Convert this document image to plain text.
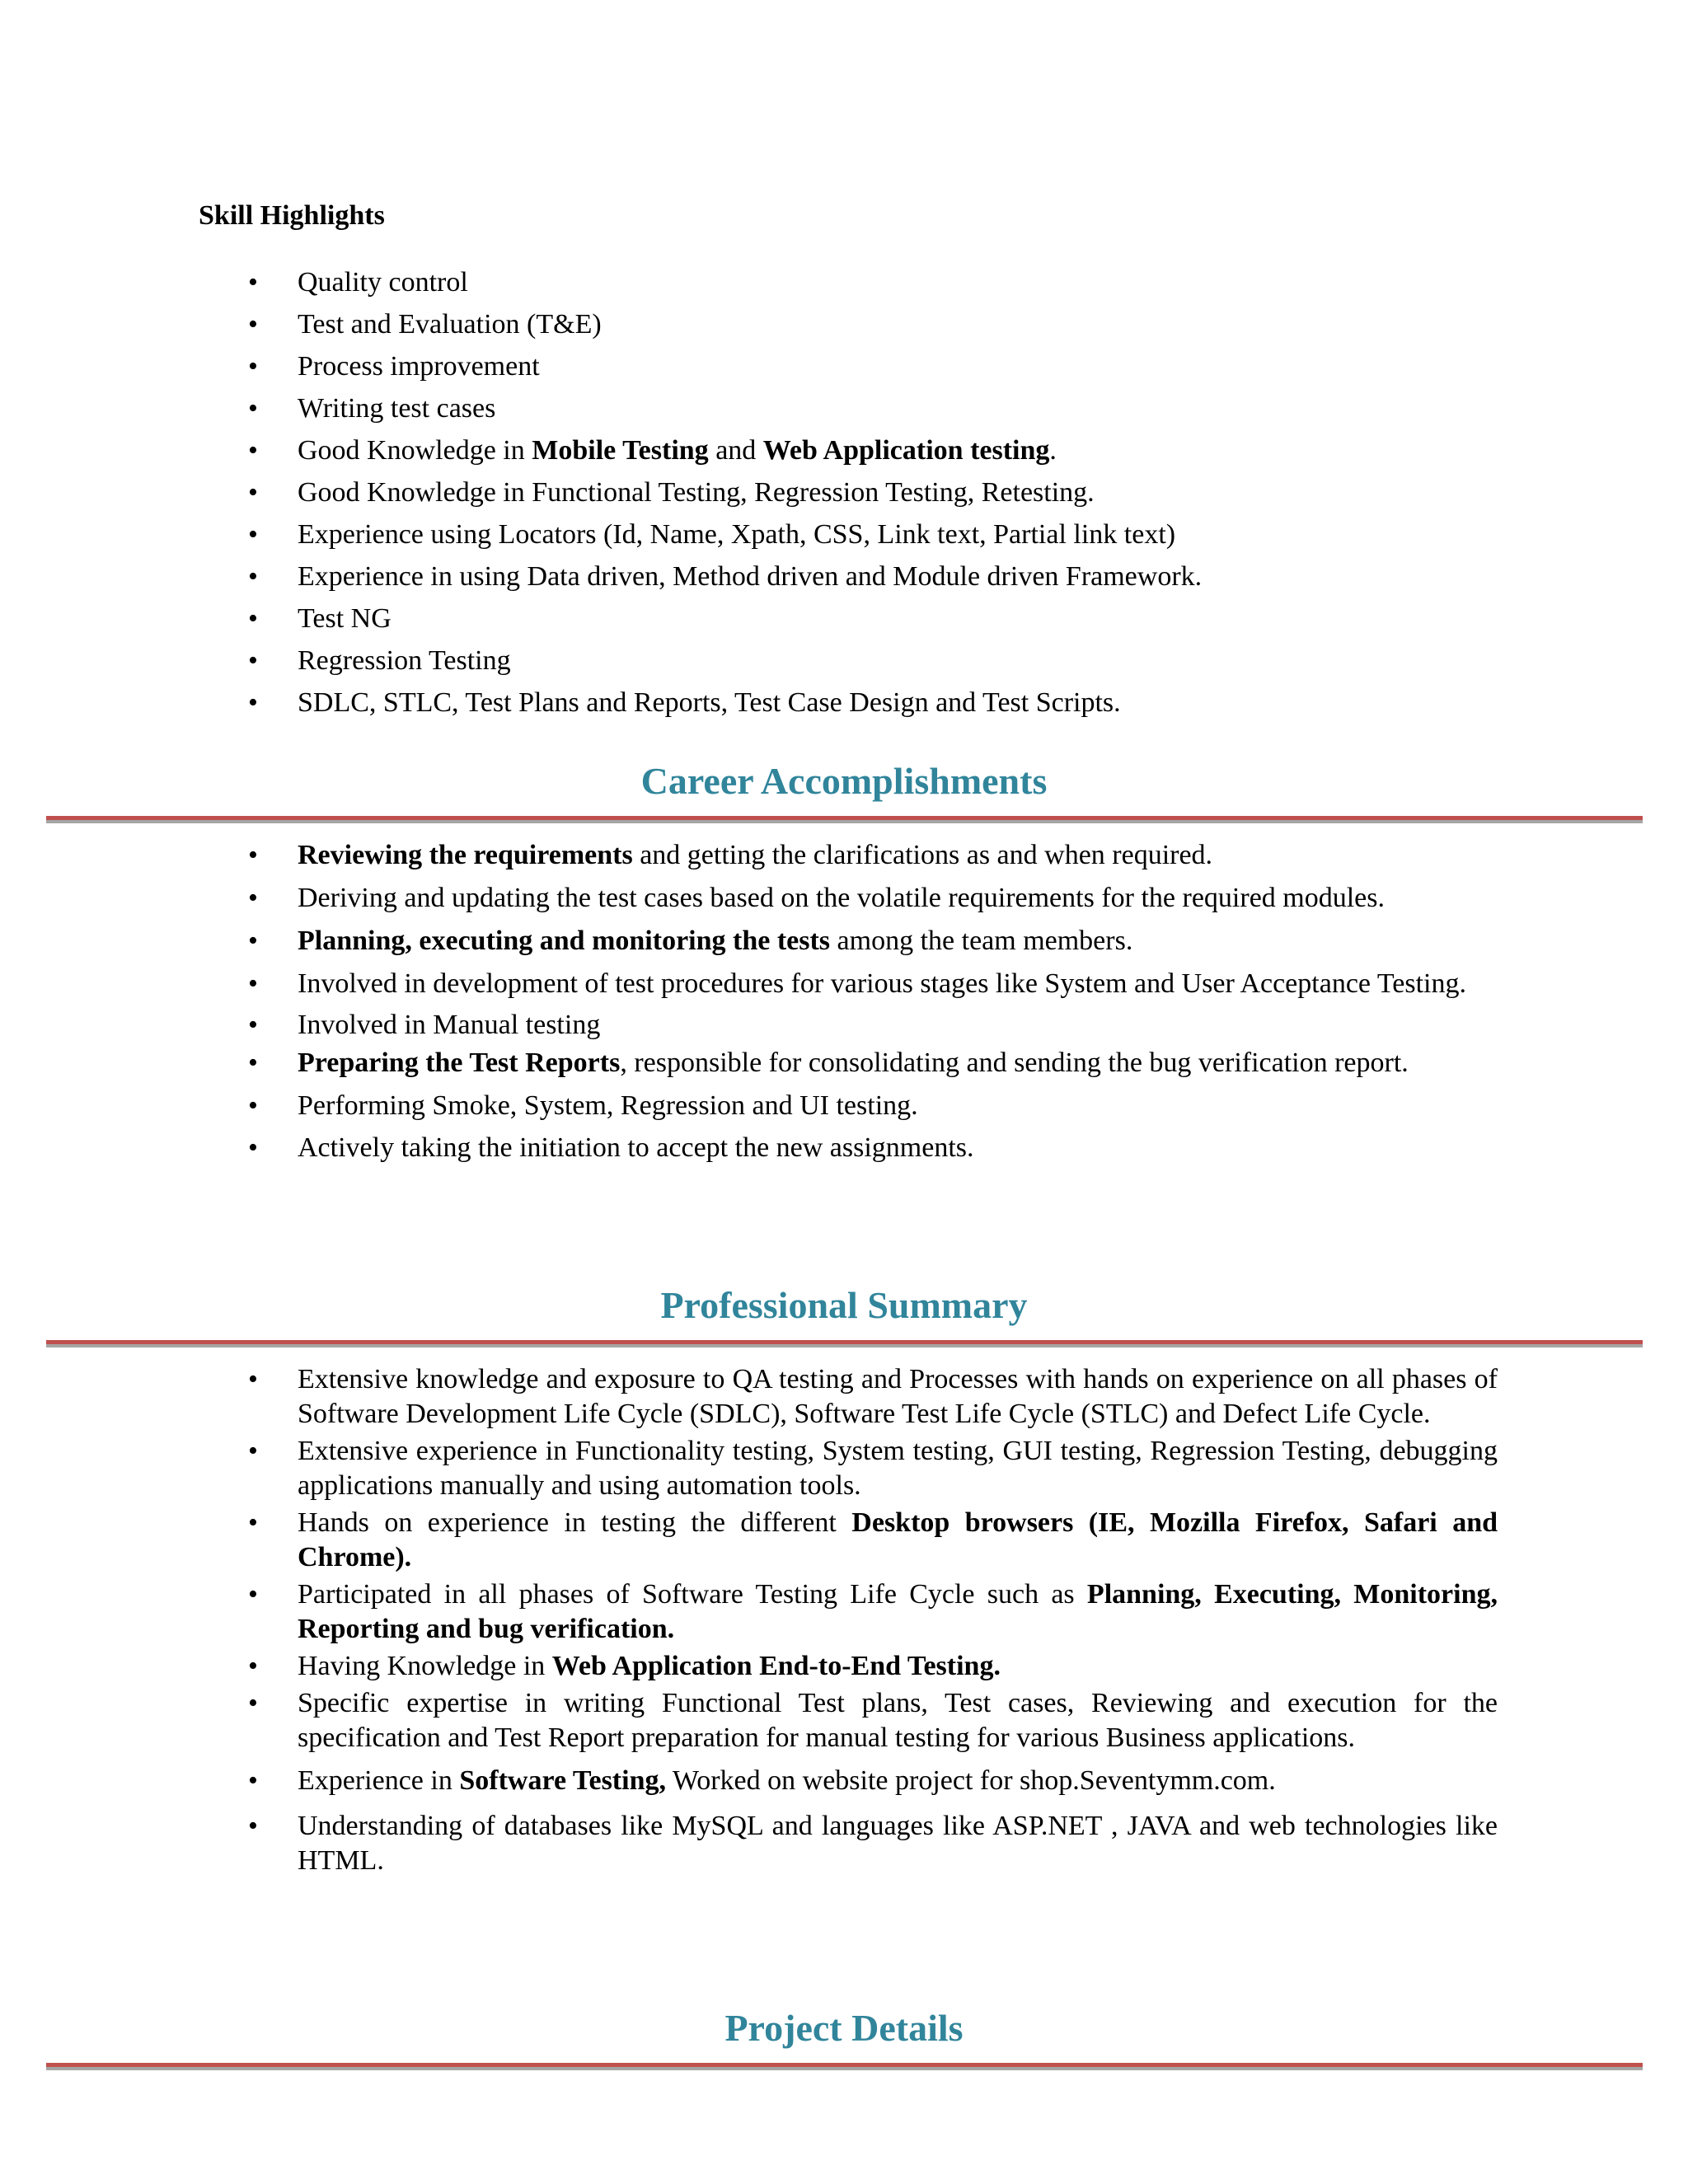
Skill Highlights
• Quality control
• Test and Evaluation (T&E)
• Process improvement
• Writing test cases
• Good Knowledge in Mobile Testing and Web Application testing.
• Good Knowledge in Functional Testing, Regression Testing, Retesting.
• Experience using Locators (Id, Name, Xpath, CSS, Link text, Partial link text)
• Experience in using Data driven, Method driven and Module driven Framework.
• Test NG
• Regression Testing
• SDLC, STLC, Test Plans and Reports, Test Case Design and Test Scripts.
Career Accomplishments
• Reviewing the requirements and getting the clarifications as and when required.
• Deriving and updating the test cases based on the volatile requirements for the required modules.
• Planning, executing and monitoring the tests among the team members.
• Involved in development of test procedures for various stages like System and User Acceptance Testing.
• Involved in Manual testing
• Preparing the Test Reports, responsible for consolidating and sending the bug verification report.
• Performing Smoke, System, Regression and UI testing.
• Actively taking the initiation to accept the new assignments.
Professional Summary
• Extensive knowledge and exposure to QA testing and Processes with hands on experience on all phases of Software Development Life Cycle (SDLC), Software Test Life Cycle (STLC) and Defect Life Cycle.
• Extensive experience in Functionality testing, System testing, GUI testing, Regression Testing, debugging applications manually and using automation tools.
• Hands on experience in testing the different Desktop browsers (IE, Mozilla Firefox, Safari and Chrome).
• Participated in all phases of Software Testing Life Cycle such as Planning, Executing, Monitoring, Reporting and bug verification.
• Having Knowledge in Web Application End-to-End Testing.
• Specific expertise in writing Functional Test plans, Test cases, Reviewing and execution for the specification and Test Report preparation for manual testing for various Business applications.
• Experience in Software Testing, Worked on website project for shop.Seventymm.com.
• Understanding of databases like MySQL and languages like ASP.NET , JAVA and web technologies like HTML.
Project Details
